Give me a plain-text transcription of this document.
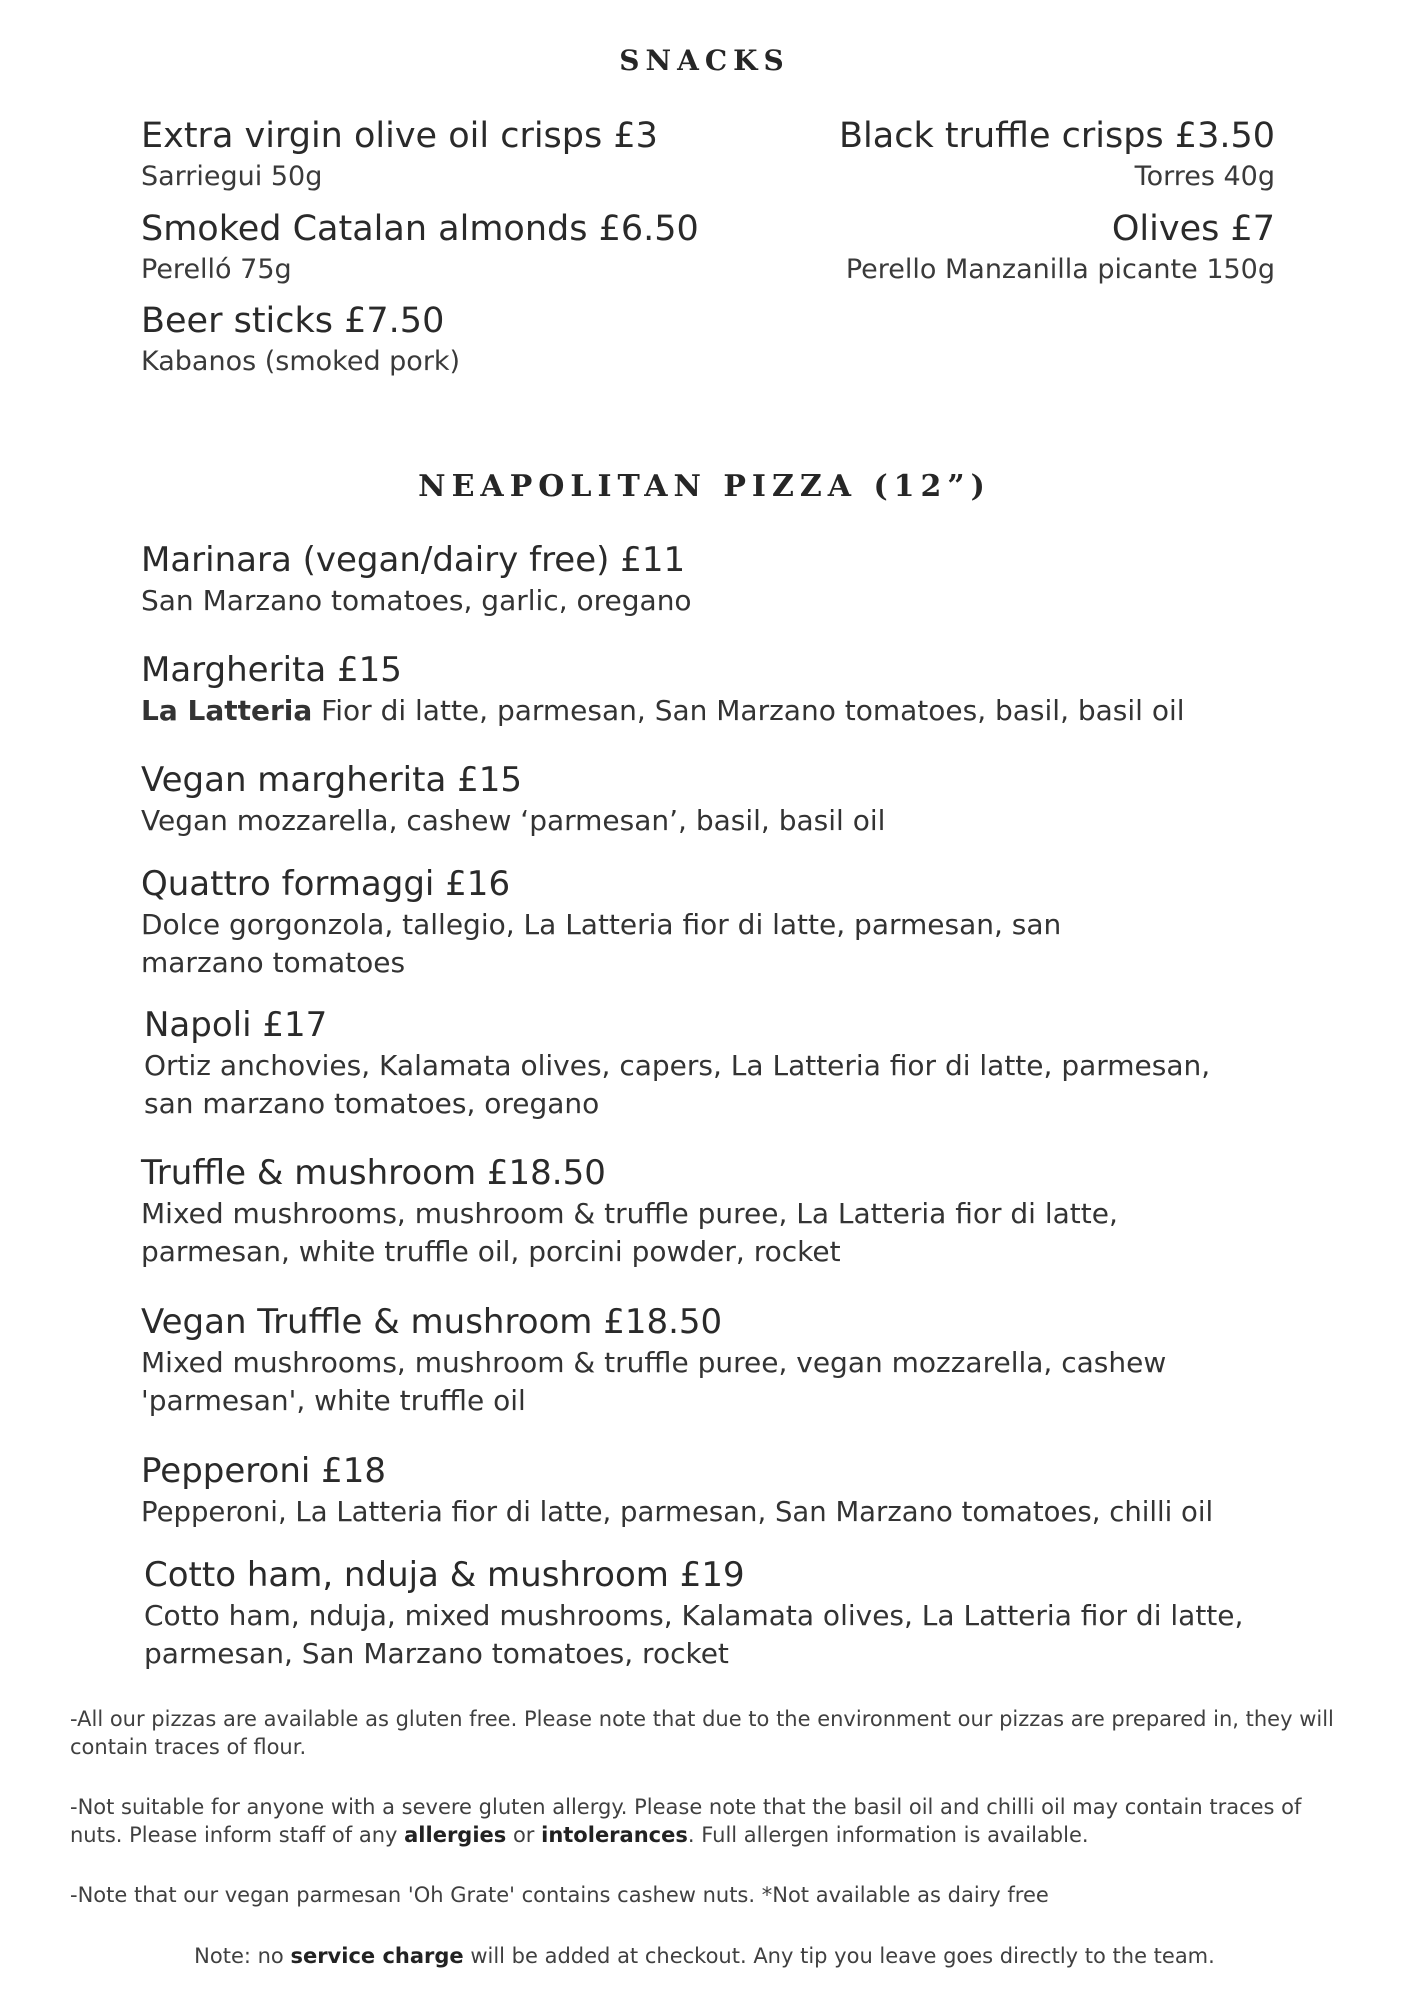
SNACKS
Extra virgin olive oil crisps £3
Sarriegui 50g
Smoked Catalan almonds £6.50
Perelló 75g
Beer sticks £7.50
Kabanos (smoked pork)
Black truffle crisps £3.50
Torres 40g
Olives £7
Perello Manzanilla picante 150g
NEAPOLITAN PIZZA (12”)
Marinara (vegan/dairy free) £11
San Marzano tomatoes, garlic, oregano
Margherita £15
La Latteria Fior di latte, parmesan, San Marzano tomatoes, basil, basil oil
Vegan margherita £15
Vegan mozzarella, cashew ‘parmesan’, basil, basil oil
Quattro formaggi £16
Dolce gorgonzola, tallegio, La Latteria fior di latte, parmesan, san marzano tomatoes
Napoli £17
Ortiz anchovies, Kalamata olives, capers, La Latteria fior di latte, parmesan, san marzano tomatoes, oregano
Truffle & mushroom £18.50
Mixed mushrooms, mushroom & truffle puree, La Latteria fior di latte, parmesan, white truffle oil, porcini powder, rocket
Vegan Truffle & mushroom £18.50
Mixed mushrooms, mushroom & truffle puree, vegan mozzarella, cashew 'parmesan', white truffle oil
Pepperoni £18
Pepperoni, La Latteria fior di latte, parmesan, San Marzano tomatoes, chilli oil
Cotto ham, nduja & mushroom £19
Cotto ham, nduja, mixed mushrooms, Kalamata olives, La Latteria fior di latte, parmesan, San Marzano tomatoes, rocket
-All our pizzas are available as gluten free. Please note that due to the environment our pizzas are prepared in, they will contain traces of flour.
-Not suitable for anyone with a severe gluten allergy. Please note that the basil oil and chilli oil may contain traces of nuts. Please inform staff of any allergies or intolerances. Full allergen information is available.
-Note that our vegan parmesan 'Oh Grate' contains cashew nuts. *Not available as dairy free
Note: no service charge will be added at checkout. Any tip you leave goes directly to the team.
